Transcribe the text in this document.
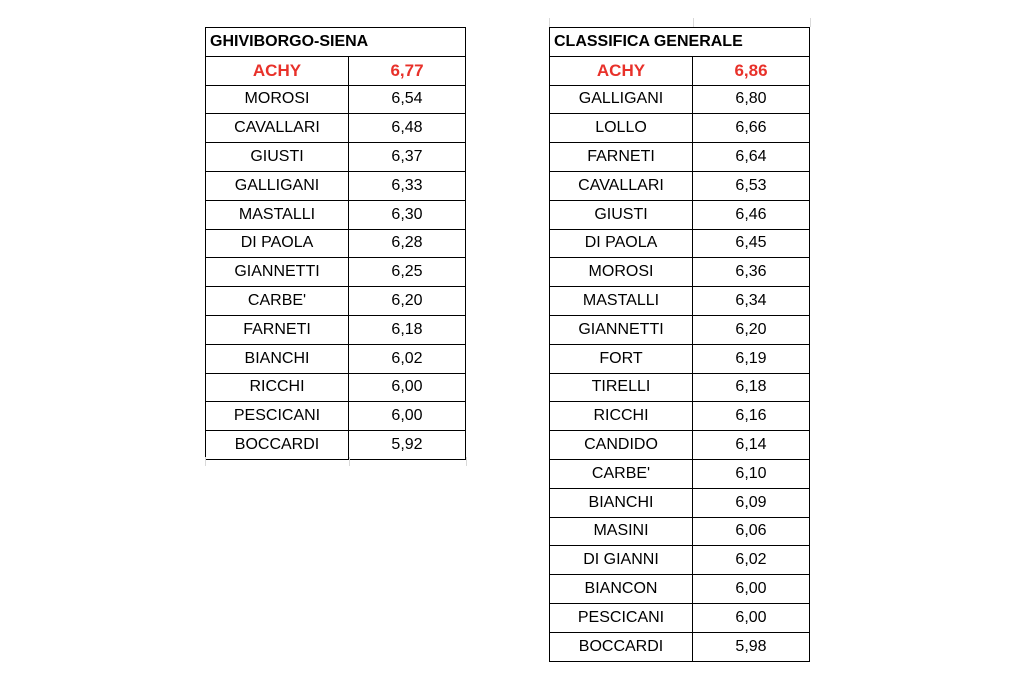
GHIVIBORGO-SIENA	
ACHY	6,77
MOROSI	6,54
CAVALLARI	6,48
GIUSTI	6,37
GALLIGANI	6,33
MASTALLI	6,30
DI PAOLA	6,28
GIANNETTI	6,25
CARBE'	6,20
FARNETI	6,18
BIANCHI	6,02
RICCHI	6,00
PESCICANI	6,00
BOCCARDI	5,92
CLASSIFICA GENERALE	
ACHY	6,86
GALLIGANI	6,80
LOLLO	6,66
FARNETI	6,64
CAVALLARI	6,53
GIUSTI	6,46
DI PAOLA	6,45
MOROSI	6,36
MASTALLI	6,34
GIANNETTI	6,20
FORT	6,19
TIRELLI	6,18
RICCHI	6,16
CANDIDO	6,14
CARBE'	6,10
BIANCHI	6,09
MASINI	6,06
DI GIANNI	6,02
BIANCON	6,00
PESCICANI	6,00
BOCCARDI	5,98
